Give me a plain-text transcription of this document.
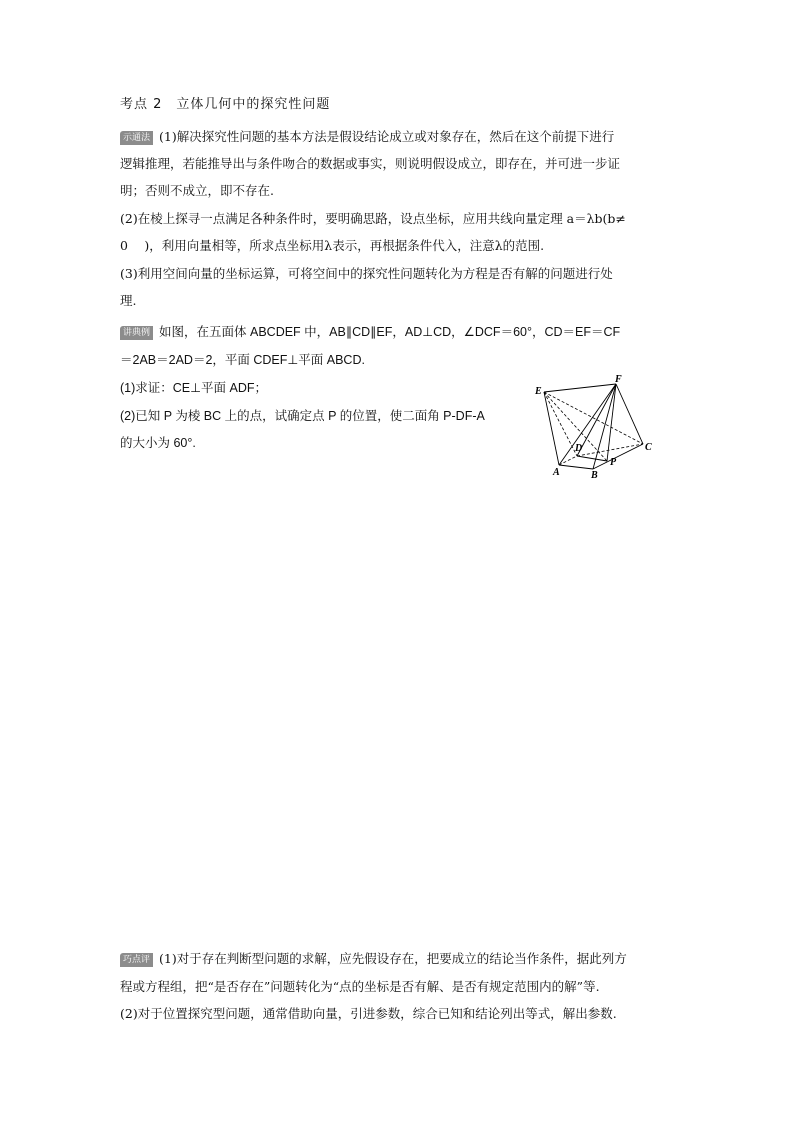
考点 2　立体几何中的探究性问题
示通法 (1)解决探究性问题的基本方法是假设结论成立或对象存在，然后在这个前提下进行
逻辑推理，若能推导出与条件吻合的数据或事实，则说明假设成立，即存在，并可进一步证
明；否则不成立，即不存在.
(2)在棱上探寻一点满足各种条件时，要明确思路，设点坐标，应用共线向量定理 a＝λb(b≠
0　 )，利用向量相等，所求点坐标用λ表示，再根据条件代入，注意λ的范围.
(3)利用空间向量的坐标运算，可将空间中的探究性问题转化为方程是否有解的问题进行处
理.
讲典例 如图，在五面体 ABCDEF 中，AB∥CD∥EF，AD⊥CD，∠DCF＝60°，CD＝EF＝CF
＝2AB＝2AD＝2，平面 CDEF⊥平面 ABCD.
(1)求证：CE⊥平面 ADF；
(2)已知 P 为棱 BC 上的点，试确定点 P 的位置，使二面角 P-DF-A
的大小为 60°.
E
F
D
A	B
P
C
巧点评 (1)对于存在判断型问题的求解，应先假设存在，把要成立的结论当作条件，据此列方
程或方程组，把“是否存在”问题转化为“点的坐标是否有解、是否有规定范围内的解”等.
(2)对于位置探究型问题，通常借助向量，引进参数，综合已知和结论列出等式，解出参数.
